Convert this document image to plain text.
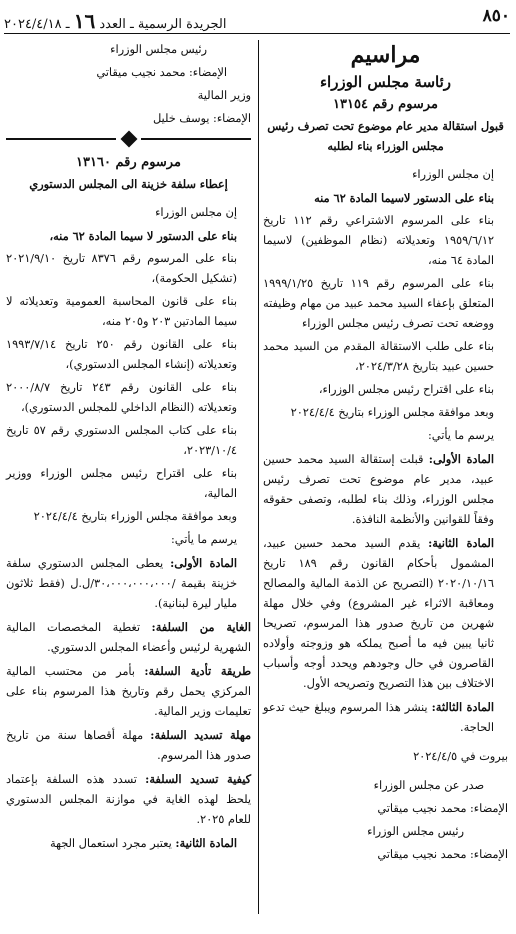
٨٥٠
الجريدة الرسمية ـ العدد ١٦ ـ ٢٠٢٤/٤/١٨
مراسيم
رئاسة مجلس الوزراء
مرسوم رقم ١٣١٥٤

قبول استقالة مدير عام موضوع تحت تصرف رئيس مجلس الوزراء بناء لطلبه

إن مجلس الوزراء

بناء على الدستور لاسيما المادة ٦٢ منه

بناء على المرسوم الاشتراعي رقم ١١٢ تاريخ ١٩٥٩/٦/١٢ وتعديلاته (نظام الموظفين) لاسيما المادة ٦٤ منه،

بناء على المرسوم رقم ١١٩ تاريخ ١٩٩٩/١/٢٥ المتعلق بإعفاء السيد محمد عبيد من مهام وظيفته ووضعه تحت تصرف رئيس مجلس الوزراء

بناء على طلب الاستقالة المقدم من السيد محمد حسين عبيد بتاريخ ٢٠٢٤/٣/٢٨،

بناء على اقتراح رئيس مجلس الوزراء،

وبعد موافقة مجلس الوزراء بتاريخ ٢٠٢٤/٤/٤

يرسم ما يأتي:

المادة الأولى: قبلت إستقالة السيد محمد حسين عبيد، مدير عام موضوع تحت تصرف رئيس مجلس الوزراء، وذلك بناء لطلبه، وتصفى حقوقه وفقاً للقوانين والأنظمة النافذة.

المادة الثانية: يقدم السيد محمد حسين عبيد، المشمول بأحكام القانون رقم ١٨٩ تاريخ ٢٠٢٠/١٠/١٦ (التصريح عن الذمة المالية والمصالح ومعاقبة الاثراء غير المشروع) وفي خلال مهلة شهرين من تاريخ صدور هذا المرسوم، تصريحا ثانيا يبين فيه ما أصبح يملكه هو وزوجته وأولاده القاصرون في حال وجودهم ويحدد أوجه وأسباب الاختلاف بين هذا التصريح وتصريحه الأول.

المادة الثالثة: ينشر هذا المرسوم ويبلغ حيث تدعو الحاجة.

بيروت في ٢٠٢٤/٤/٥

صدر عن مجلس الوزراء

الإمضاء: محمد نجيب ميقاتي

رئيس مجلس الوزراء

الإمضاء: محمد نجيب ميقاتي

رئيس مجلس الوزراء

الإمضاء: محمد نجيب ميقاتي

وزير المالية

الإمضاء: يوسف خليل

مرسوم رقم ١٣١٦٠

إعطاء سلفة خزينة الى المجلس الدستوري

إن مجلس الوزراء

بناء على الدستور لا سيما المادة ٦٢ منه،

بناء على المرسوم رقم ٨٣٧٦ تاريخ ٢٠٢١/٩/١٠ (تشكيل الحكومة)،

بناء على قانون المحاسبة العمومية وتعديلاته لا سيما المادتين ٢٠٣ و٢٠٥ منه،

بناء على القانون رقم ٢٥٠ تاريخ ١٩٩٣/٧/١٤ وتعديلاته (إنشاء المجلس الدستوري)،

بناء على القانون رقم ٢٤٣ تاريخ ٢٠٠٠/٨/٧ وتعديلاته (النظام الداخلي للمجلس الدستوري)،

بناء على كتاب المجلس الدستوري رقم ٥٧ تاريخ ٢٠٢٣/١٠/٤،

بناء على اقتراح رئيس مجلس الوزراء ووزير المالية،

وبعد موافقة مجلس الوزراء بتاريخ ٢٠٢٤/٤/٤

يرسم ما يأتي:

المادة الأولى: يعطى المجلس الدستوري سلفة خزينة بقيمة /٣٠،٠٠٠،٠٠٠،٠٠٠/ل.ل (فقط ثلاثون مليار ليرة لبنانية).

الغاية من السلفة: تغطية المخصصات المالية الشهرية لرئيس وأعضاء المجلس الدستوري.

طريقة تأدية السلفة: بأمر من محتسب المالية المركزي يحمل رقم وتاريخ هذا المرسوم بناء على تعليمات وزير المالية.

مهلة تسديد السلفة: مهلة أقصاها سنة من تاريخ صدور هذا المرسوم.

كيفية تسديد السلفة: تسدد هذه السلفة بإعتماد يلحظ لهذه الغاية في موازنة المجلس الدستوري للعام ٢٠٢٥.

المادة الثانية: يعتبر مجرد استعمال الجهة
